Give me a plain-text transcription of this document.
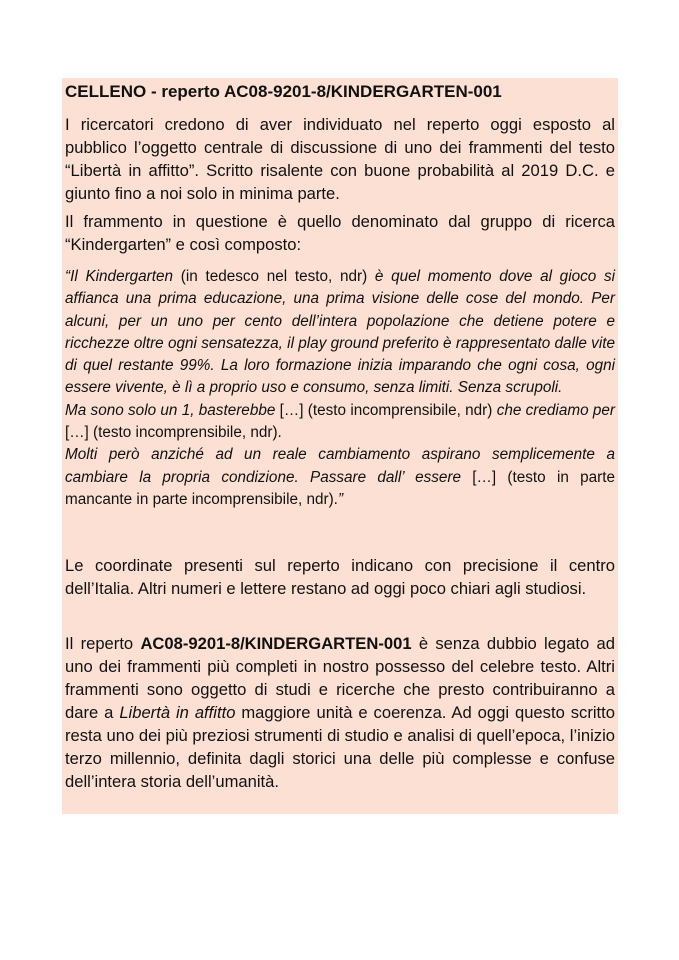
CELLENO - reperto AC08-9201-8/KINDERGARTEN-001

I ricercatori credono di aver individuato nel reperto oggi esposto al pubblico l’oggetto centrale di discussione di uno dei frammenti del testo “Libertà in affitto”. Scritto risalente con buone probabilità al 2019 D.C. e giunto fino a noi solo in minima parte.

Il frammento in questione è quello denominato dal gruppo di ricerca “Kindergarten” e così composto:

“Il Kindergarten (in tedesco nel testo, ndr) è quel momento dove al gioco si affianca una prima educazione, una prima visione delle cose del mondo. Per alcuni, per un uno per cento dell’intera popolazione che detiene potere e ricchezze oltre ogni sensatezza, il play ground preferito è rappresentato dalle vite di quel restante 99%. La loro formazione inizia imparando che ogni cosa, ogni essere vivente, è lì a proprio uso e consumo, senza limiti. Senza scrupoli.
Ma sono solo un 1, basterebbe […] (testo incomprensibile, ndr) che crediamo per […] (testo incomprensibile, ndr).
Molti però anziché ad un reale cambiamento aspirano semplicemente a cambiare la propria condizione. Passare dall’ essere […] (testo in parte mancante in parte incomprensibile, ndr).”

Le coordinate presenti sul reperto indicano con precisione il centro dell’Italia. Altri numeri e lettere restano ad oggi poco chiari agli studiosi.

Il reperto AC08-9201-8/KINDERGARTEN-001 è senza dubbio legato ad uno dei frammenti più completi in nostro possesso del celebre testo. Altri frammenti sono oggetto di studi e ricerche che presto contribuiranno a dare a Libertà in affitto maggiore unità e coerenza. Ad oggi questo scritto resta uno dei più preziosi strumenti di studio e analisi di quell’epoca, l’inizio terzo millennio, definita dagli storici una delle più complesse e confuse dell’intera storia dell’umanità.
